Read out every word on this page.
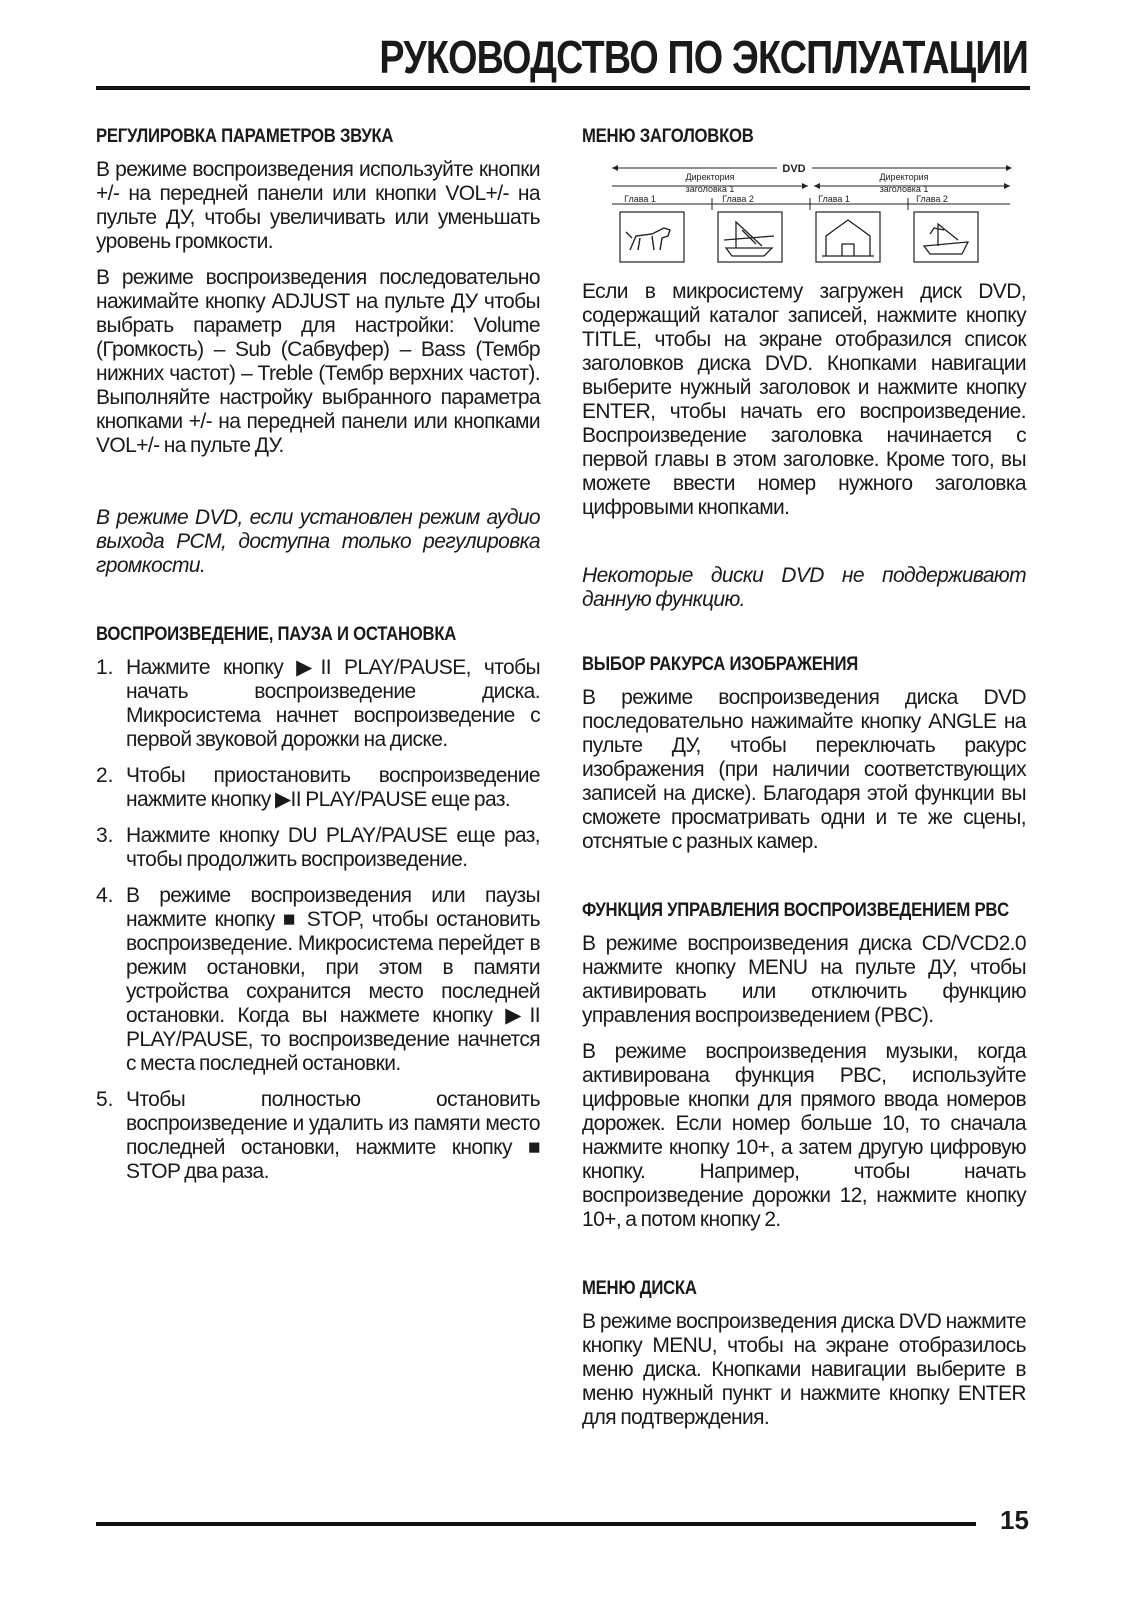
РУКОВОДСТВО ПО ЭКСПЛУАТАЦИИ
РЕГУЛИРОВКА ПАРАМЕТРОВ ЗВУКА

В режиме воспроизведения используйте кнопки +/- на передней панели или кнопки VOL+/- на пульте ДУ, чтобы увеличивать или уменьшать уровень громкости.

В режиме воспроизведения последовательно нажимайте кнопку ADJUST на пульте ДУ чтобы выбрать параметр для настройки: Volume (Громкость) – Sub (Сабвуфер) – Bass (Тембр нижних частот) – Treble (Тембр верхних частот). Выполняйте настройку выбранного параметра кнопками +/- на передней панели или кнопками VOL+/- на пульте ДУ.

В режиме DVD, если установлен режим аудио выхода PCM, доступна только регулировка громкости.

ВОСПРОИЗВЕДЕНИЕ, ПАУЗА И ОСТАНОВКА
1. Нажмите кнопку ▶II PLAY/PAUSE, чтобы начать воспроизведение диска. Микросистема начнет воспроизведение с первой звуковой дорожки на диске.
2. Чтобы приостановить воспроизведение нажмите кнопку ▶II PLAY/PAUSE еще раз.
3. Нажмите кнопку DU PLAY/PAUSE еще раз, чтобы продолжить воспроизведение.
4. В режиме воспроизведения или паузы нажмите кнопку ■ STOP, чтобы остановить воспроизведение. Микросистема перейдет в режим остановки, при этом в памяти устройства сохранится место последней остановки. Когда вы нажмете кнопку ▶II PLAY/PAUSE, то воспроизведение начнется с места последней остановки.
5. Чтобы полностью остановить воспроизведение и удалить из памяти место последней остановки, нажмите кнопку ■ STOP два раза.
МЕНЮ ЗАГОЛОВКОВ
DVD
Директория
заголовка 1
Директория
заголовка 1
Глава 1	Глава 2	Глава 1	Глава 2

Если в микросистему загружен диск DVD, содержащий каталог записей, нажмите кнопку TITLE, чтобы на экране отобразился список заголовков диска DVD. Кнопками навигации выберите нужный заголовок и нажмите кнопку ENTER, чтобы начать его воспроизведение. Воспроизведение заголовка начинается с первой главы в этом заголовке. Кроме того, вы можете ввести номер нужного заголовка цифровыми кнопками.

Некоторые диски DVD не поддерживают данную функцию.

ВЫБОР РАКУРСА ИЗОБРАЖЕНИЯ

В режиме воспроизведения диска DVD последовательно нажимайте кнопку ANGLE на пульте ДУ, чтобы переключать ракурс изображения (при наличии соответствующих записей на диске). Благодаря этой функции вы сможете просматривать одни и те же сцены, отснятые с разных камер.

ФУНКЦИЯ УПРАВЛЕНИЯ ВОСПРОИЗВЕДЕНИЕМ PBC

В режиме воспроизведения диска CD/VCD2.0 нажмите кнопку MENU на пульте ДУ, чтобы активировать или отключить функцию управления воспроизведением (PBC).

В режиме воспроизведения музыки, когда активирована функция PBC, используйте цифровые кнопки для прямого ввода номеров дорожек. Если номер больше 10, то сначала нажмите кнопку 10+, а затем другую цифровую кнопку. Например, чтобы начать воспроизведение дорожки 12, нажмите кнопку 10+, а потом кнопку 2.

МЕНЮ ДИСКА

В режиме воспроизведения диска DVD нажмите кнопку MENU, чтобы на экране отобразилось меню диска. Кнопками навигации выберите в меню нужный пункт и нажмите кнопку ENTER для подтверждения.

15
